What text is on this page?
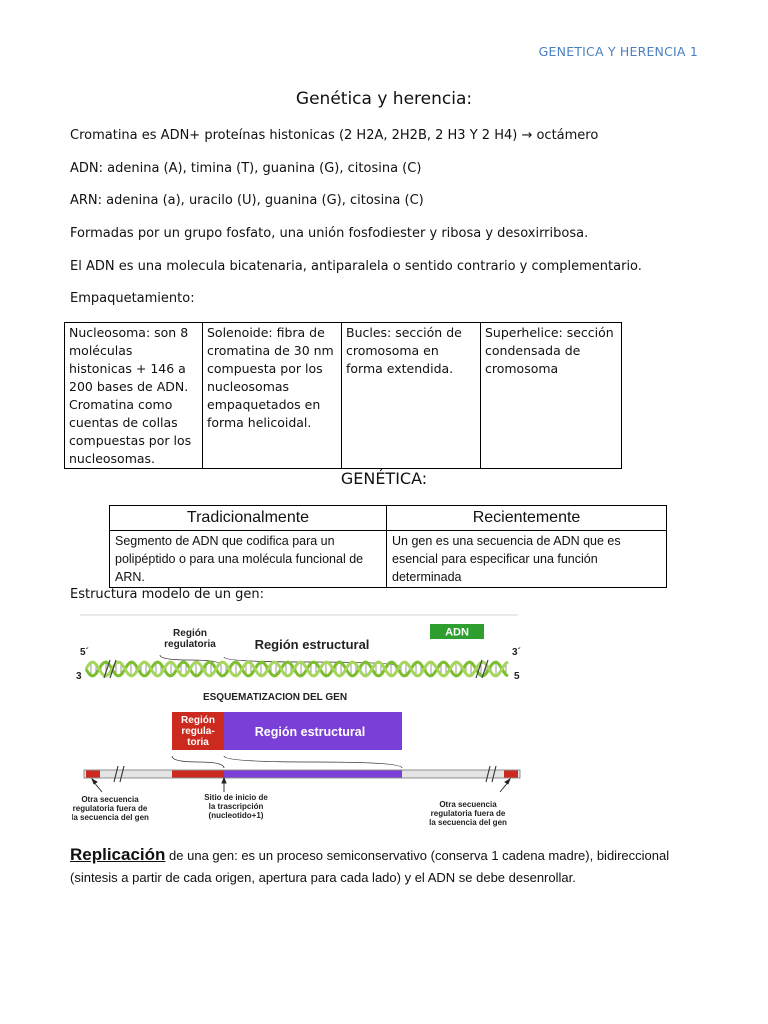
GENETICA Y HERENCIA 1
Genética y herencia:
Cromatina es ADN+ proteínas histonicas (2 H2A, 2H2B, 2 H3 Y 2 H4) → octámero
ADN: adenina (A), timina (T), guanina (G), citosina (C)
ARN: adenina (a), uracilo (U), guanina (G), citosina (C)
Formadas por un grupo fosfato, una unión fosfodiester y ribosa y desoxirribosa.
El ADN es una molecula bicatenaria, antiparalela o sentido contrario y complementario.
Empaquetamiento:
Nucleosoma: son 8 moléculas histonicas + 146 a 200 bases de ADN. Cromatina como cuentas de collas compuestas por los nucleosomas.	Solenoide: fibra de cromatina de 30 nm compuesta por los nucleosomas empaquetados en forma helicoidal.	Bucles: sección de cromosoma en forma extendida.	Superhelice: sección condensada de cromosoma
GENÉTICA:
Tradicionalmente	Recientemente
Segmento de ADN que codifica para un polipéptido o para una molécula funcional de ARN.	Un gen es una secuencia de ADN que es esencial para especificar una función determinada
Estructura modelo de un gen:
Región
regulatoria	Región estructural
ADN
5´	3´
3	5
ESQUEMATIZACION DEL GEN
Región
regula-
toria
Región estructural
Otra secuencia
regulatoria fuera de
la secuencia del gen
Sitio de inicio de
la trascripción
(nucleotido+1)
Otra secuencia
regulatoria fuera de
la secuencia del gen
Replicación de una gen: es un proceso semiconservativo (conserva 1 cadena madre), bidireccional (sintesis a partir de cada origen, apertura para cada lado) y el ADN se debe desenrollar.
